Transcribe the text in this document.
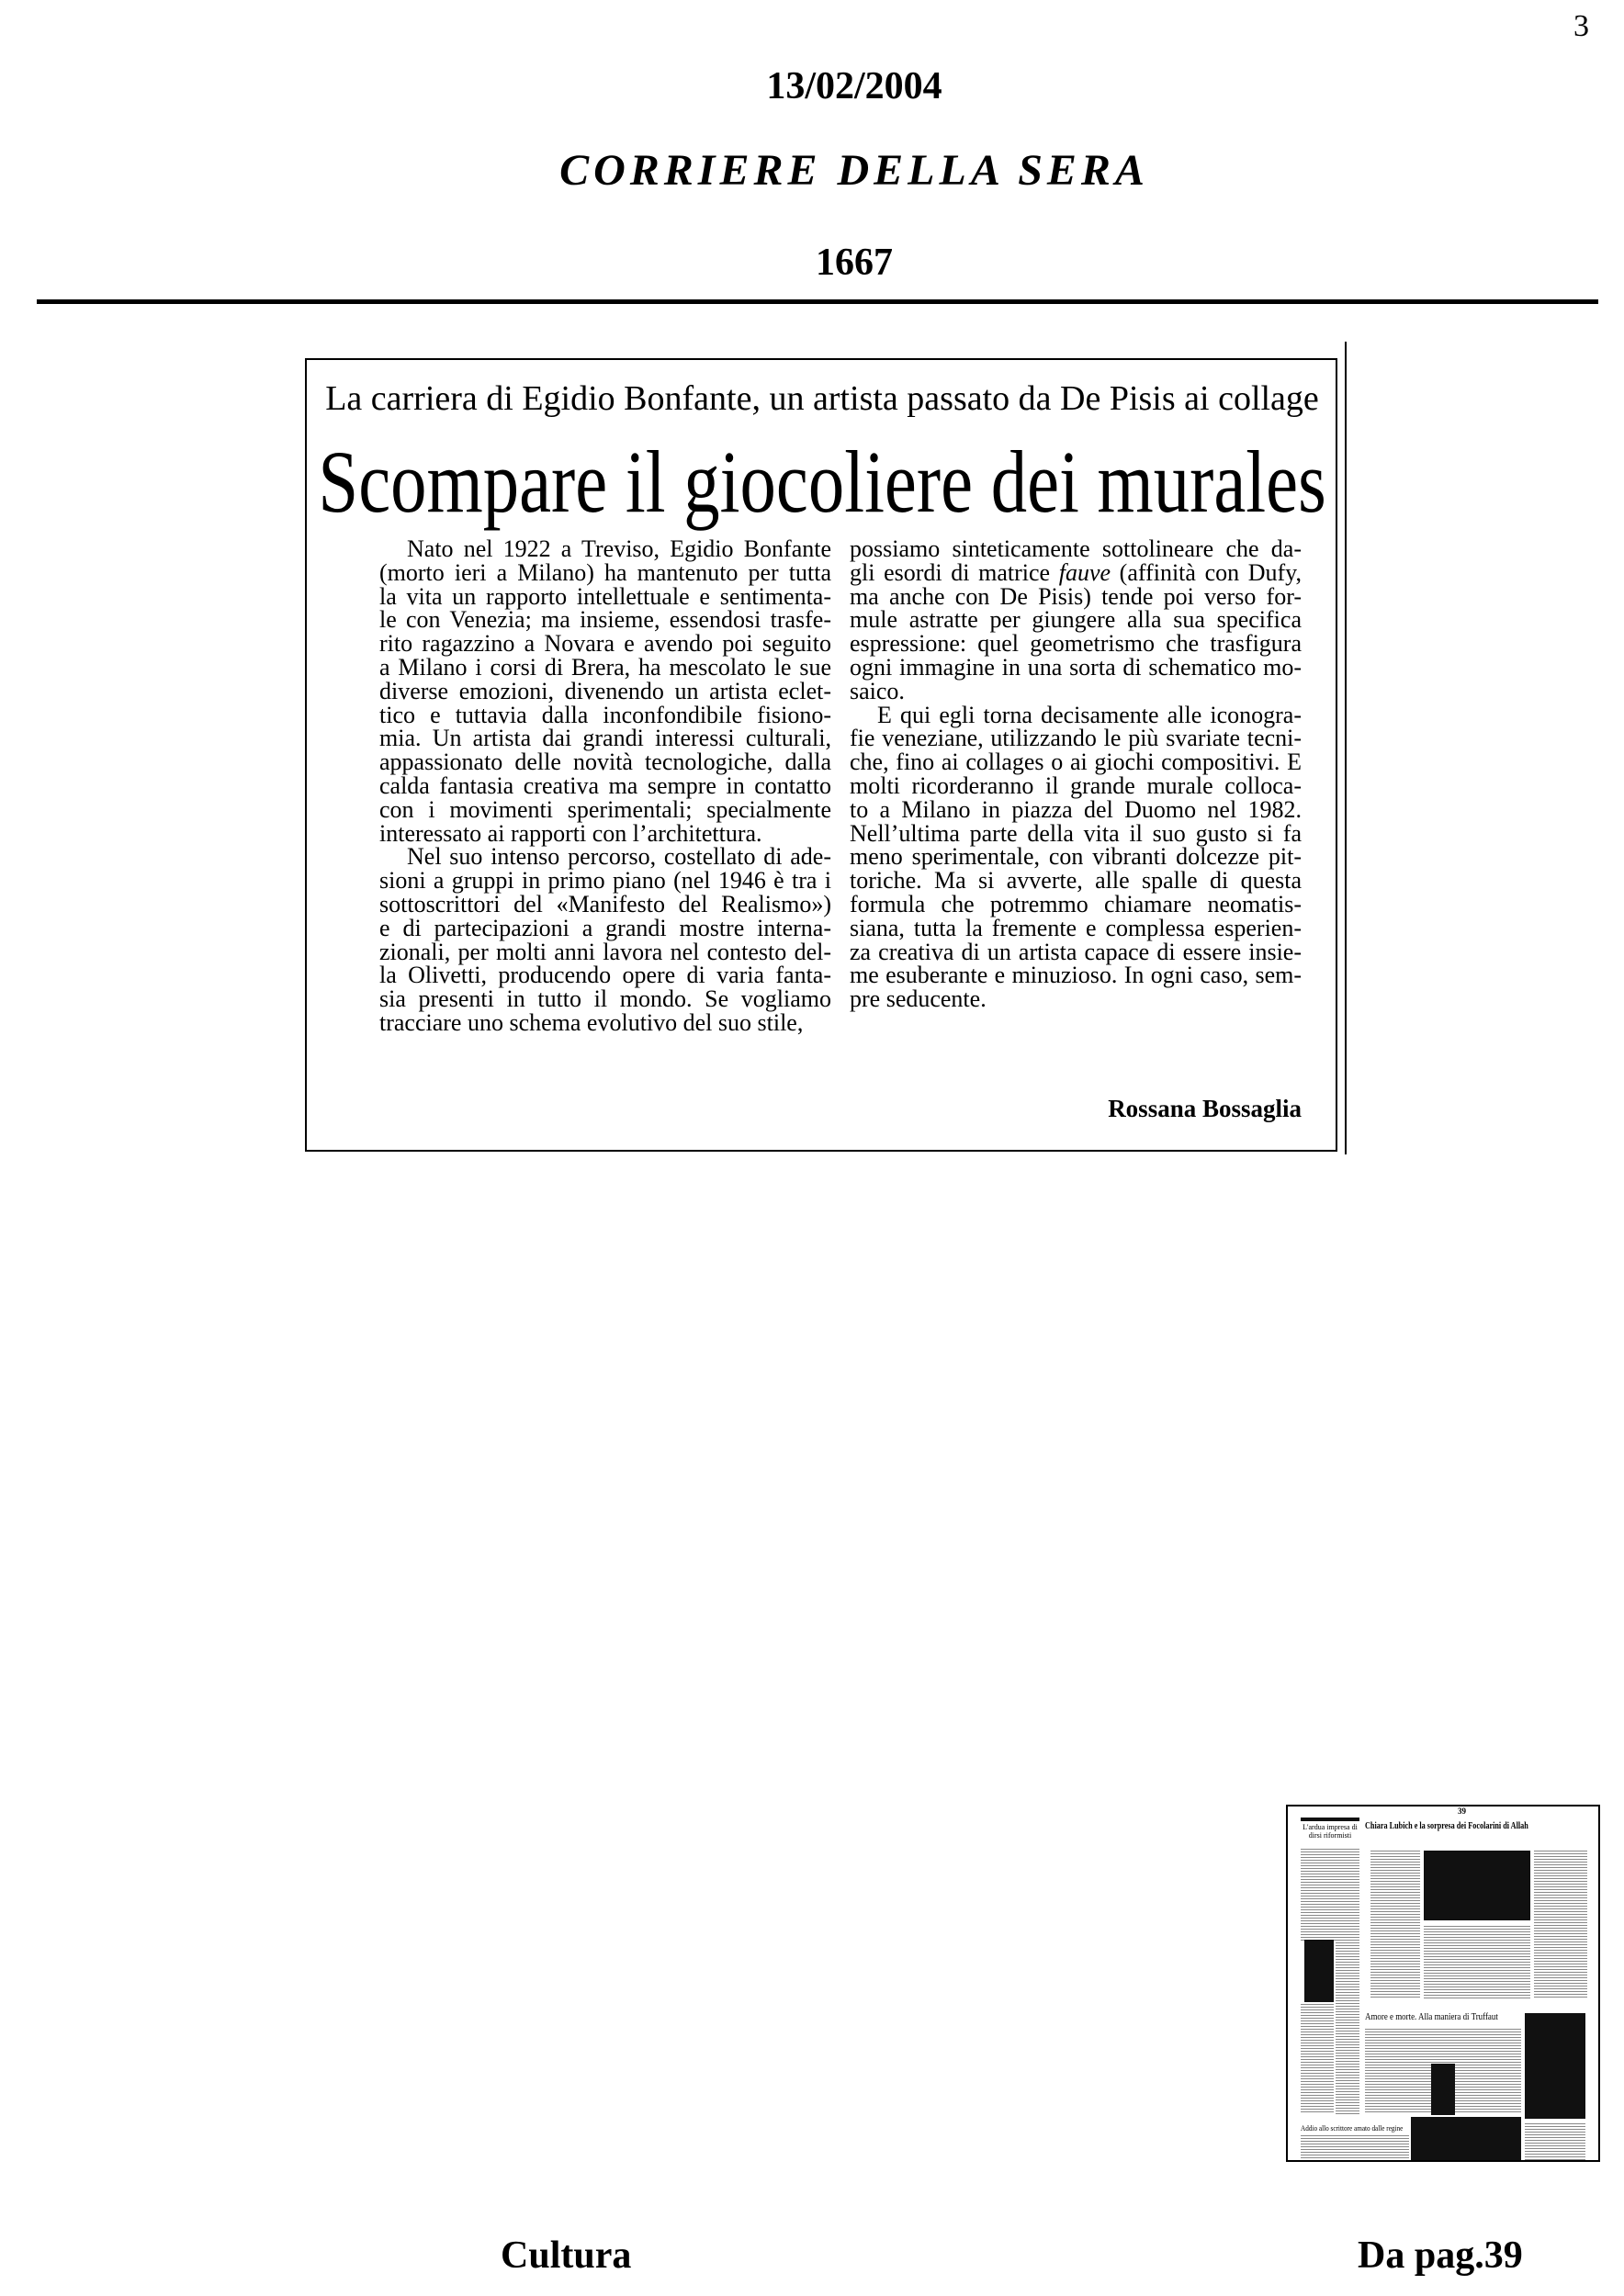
3
13/02/2004
CORRIERE DELLA SERA
1667
La carriera di Egidio Bonfante, un artista passato da De Pisis ai collage
Scompare il giocoliere dei murales
Nato nel 1922 a Treviso, Egidio Bonfante
(morto ieri a Milano) ha mantenuto per tutta
la vita un rapporto intellettuale e sentimenta-
le con Venezia; ma insieme, essendosi trasfe-
rito ragazzino a Novara e avendo poi seguito
a Milano i corsi di Brera, ha mescolato le sue
diverse emozioni, divenendo un artista eclet-
tico e tuttavia dalla inconfondibile fisiono-
mia. Un artista dai grandi interessi culturali,
appassionato delle novità tecnologiche, dalla
calda fantasia creativa ma sempre in contatto
con i movimenti sperimentali; specialmente
interessato ai rapporti con l’architettura.
Nel suo intenso percorso, costellato di ade-
sioni a gruppi in primo piano (nel 1946 è tra i
sottoscrittori del «Manifesto del Realismo»)
e di partecipazioni a grandi mostre interna-
zionali, per molti anni lavora nel contesto del-
la Olivetti, producendo opere di varia fanta-
sia presenti in tutto il mondo. Se vogliamo
tracciare uno schema evolutivo del suo stile,
possiamo sinteticamente sottolineare che da-
gli esordi di matrice fauve (affinità con Dufy,
ma anche con De Pisis) tende poi verso for-
mule astratte per giungere alla sua specifica
espressione: quel geometrismo che trasfigura
ogni immagine in una sorta di schematico mo-
saico.
E qui egli torna decisamente alle iconogra-
fie veneziane, utilizzando le più svariate tecni-
che, fino ai collages o ai giochi compositivi. E
molti ricorderanno il grande murale colloca-
to a Milano in piazza del Duomo nel 1982.
Nell’ultima parte della vita il suo gusto si fa
meno sperimentale, con vibranti dolcezze pit-
toriche. Ma si avverte, alle spalle di questa
formula che potremmo chiamare neomatis-
siana, tutta la fremente e complessa esperien-
za creativa di un artista capace di essere insie-
me esuberante e minuzioso. In ogni caso, sem-
pre seducente.
Rossana Bossaglia
39
L'ardua impresa di dirsi riformisti
Chiara Lubich e la sorpresa dei Focolarini di Allah
Amore e morte. Alla maniera di Truffaut
Addio allo scrittore amato dalle regine
Cultura	Da pag.39
